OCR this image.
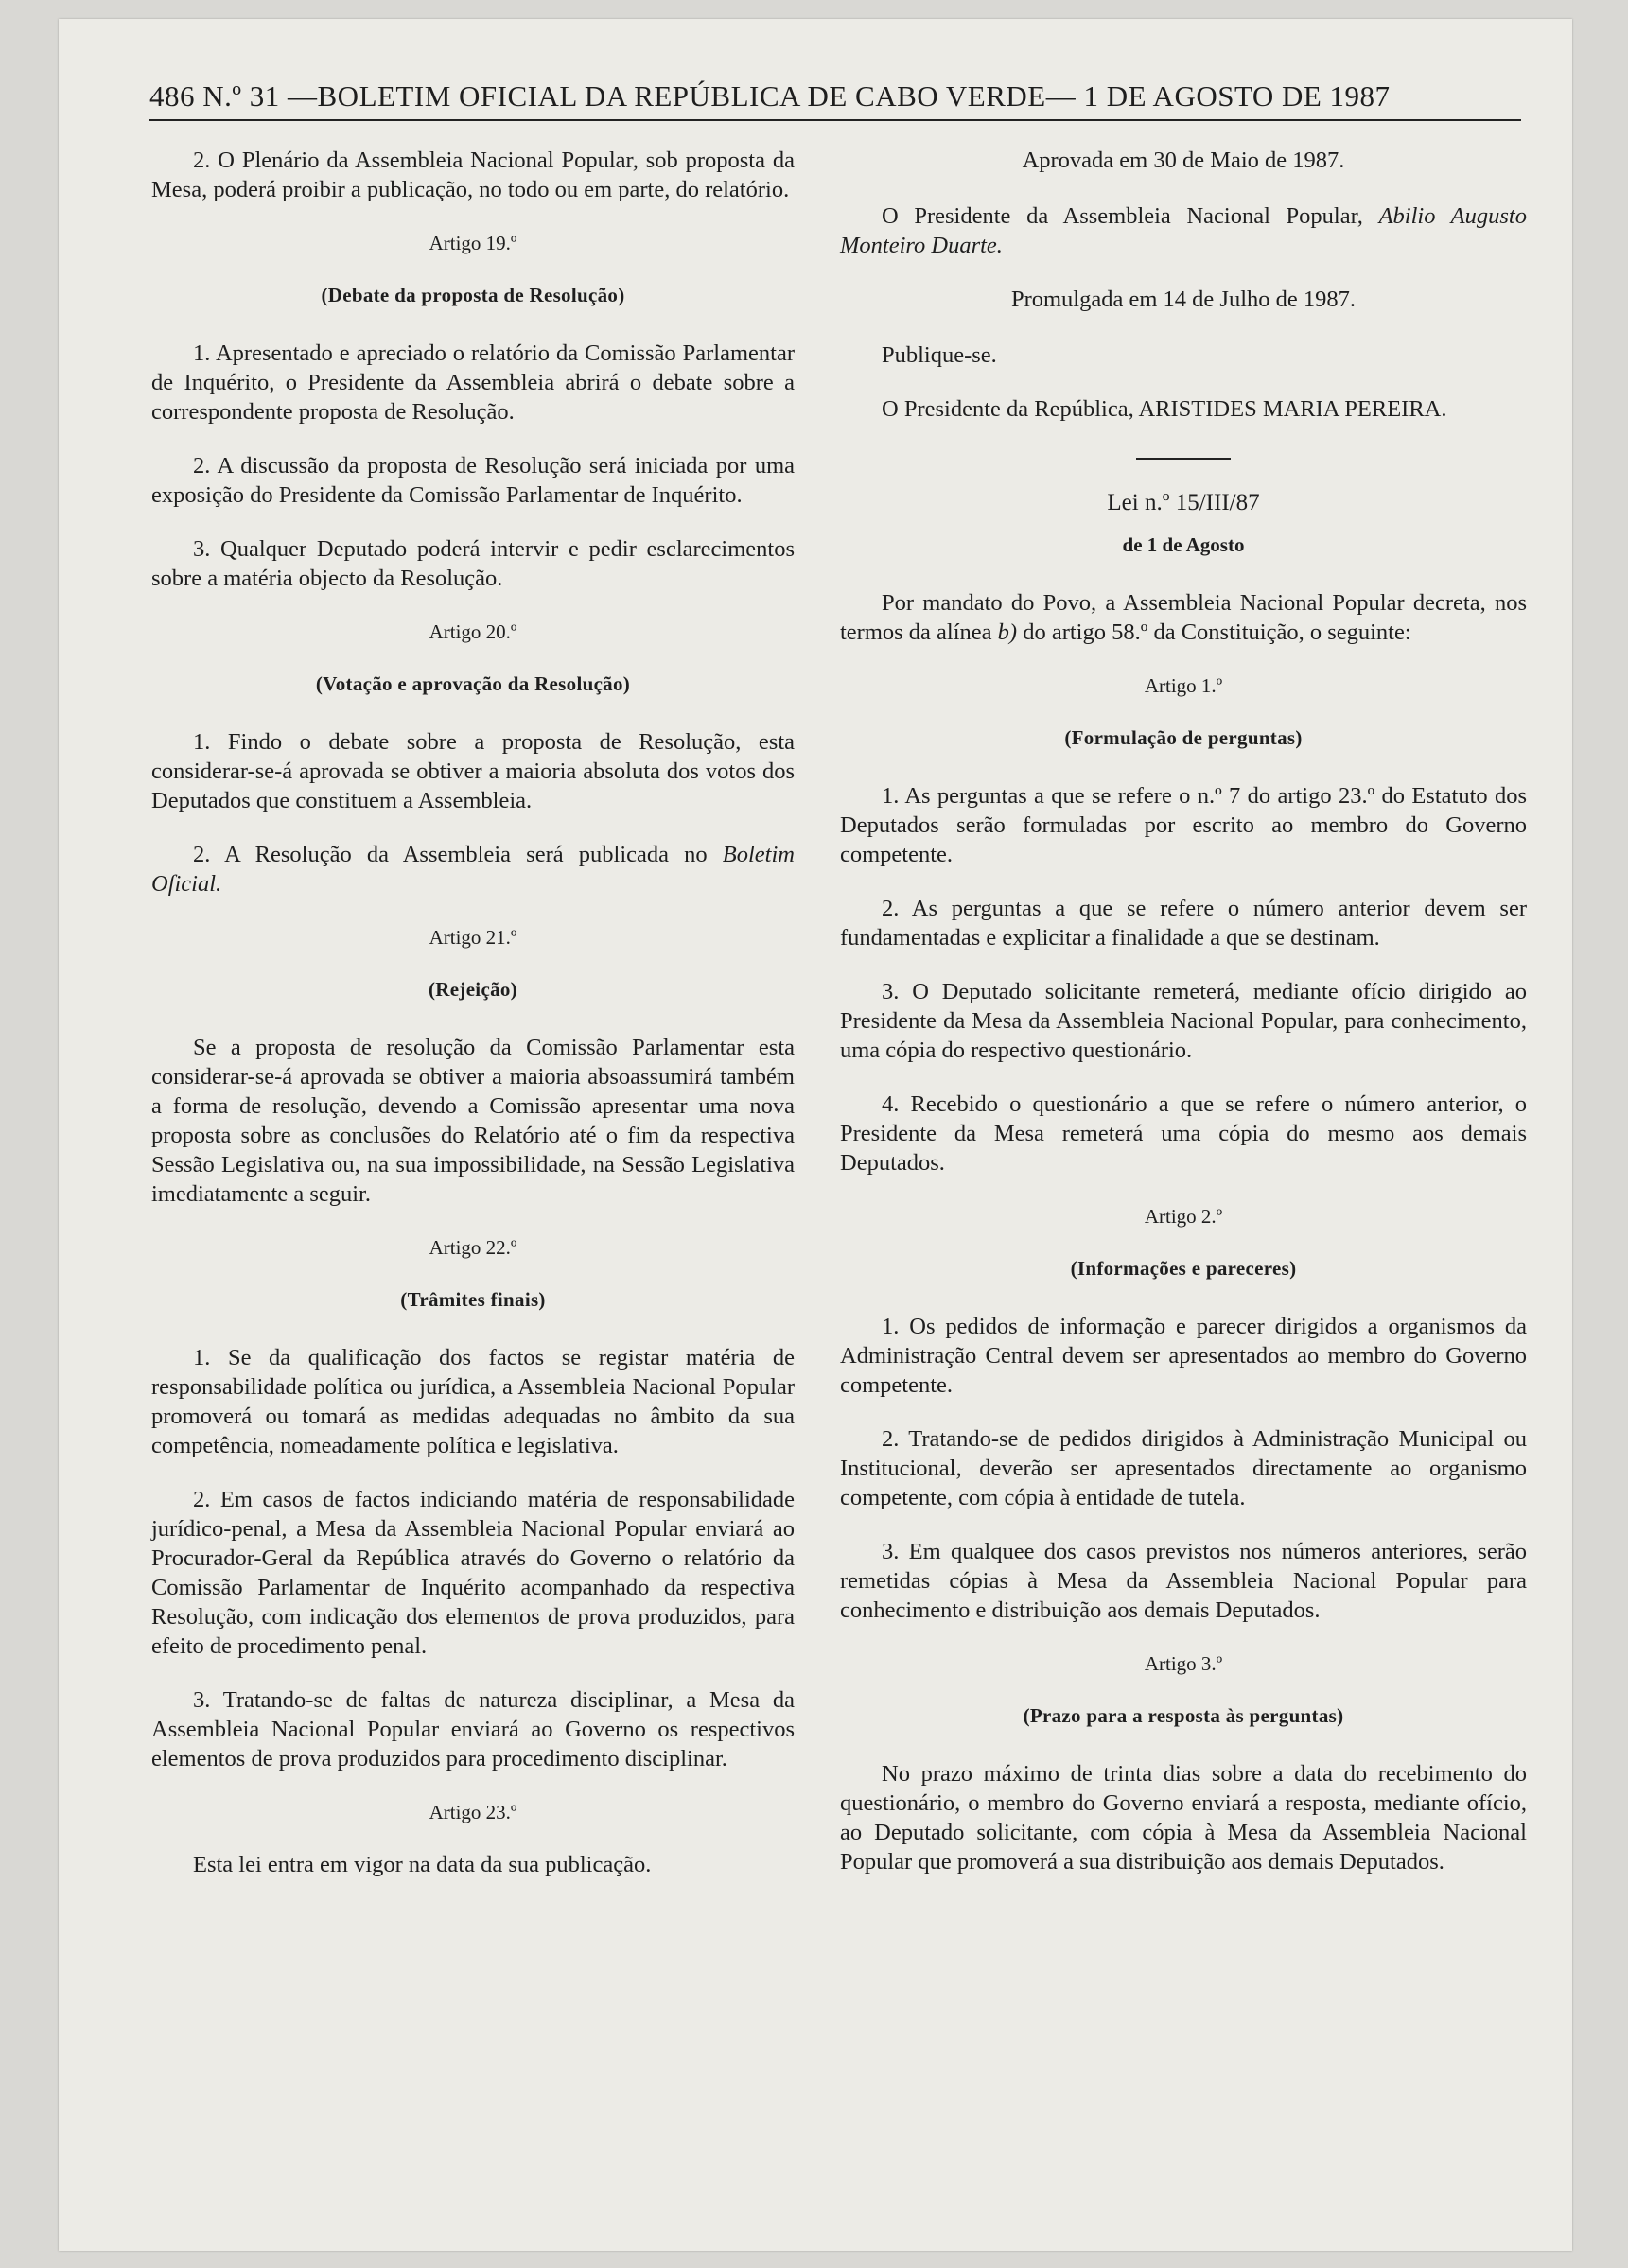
486 N.º 31 —BOLETIM OFICIAL DA REPÚBLICA DE CABO VERDE— 1 DE AGOSTO DE 1987

2. O Plenário da Assembleia Nacional Popular, sob proposta da Mesa, poderá proibir a publicação, no todo ou em parte, do relatório.

Artigo 19.º
(Debate da proposta de Resolução)

1. Apresentado e apreciado o relatório da Comissão Parlamentar de Inquérito, o Presidente da Assembleia abrirá o debate sobre a correspondente proposta de Resolução.

2. A discussão da proposta de Resolução será iniciada por uma exposição do Presidente da Comissão Parlamentar de Inquérito.

3. Qualquer Deputado poderá intervir e pedir esclarecimentos sobre a matéria objecto da Resolução.

Artigo 20.º
(Votação e aprovação da Resolução)

1. Findo o debate sobre a proposta de Resolução, esta considerar-se-á aprovada se obtiver a maioria absoluta dos votos dos Deputados que constituem a Assembleia.

2. A Resolução da Assembleia será publicada no Boletim Oficial.

Artigo 21.º
(Rejeição)

Se a proposta de resolução da Comissão Parlamentar esta considerar-se-á aprovada se obtiver a maioria absoassumirá também a forma de resolução, devendo a Comissão apresentar uma nova proposta sobre as conclusões do Relatório até o fim da respectiva Sessão Legislativa ou, na sua impossibilidade, na Sessão Legislativa imediatamente a seguir.

Artigo 22.º
(Trâmites finais)

1. Se da qualificação dos factos se registar matéria de responsabilidade política ou jurídica, a Assembleia Nacional Popular promoverá ou tomará as medidas adequadas no âmbito da sua competência, nomeadamente política e legislativa.

2. Em casos de factos indiciando matéria de responsabilidade jurídico-penal, a Mesa da Assembleia Nacional Popular enviará ao Procurador-Geral da República através do Governo o relatório da Comissão Parlamentar de Inquérito acompanhado da respectiva Resolução, com indicação dos elementos de prova produzidos, para efeito de procedimento penal.

3. Tratando-se de faltas de natureza disciplinar, a Mesa da Assembleia Nacional Popular enviará ao Governo os respectivos elementos de prova produzidos para procedimento disciplinar.

Artigo 23.º

Esta lei entra em vigor na data da sua publicação.

Aprovada em 30 de Maio de 1987.

O Presidente da Assembleia Nacional Popular, Abilio Augusto Monteiro Duarte.

Promulgada em 14 de Julho de 1987.

Publique-se.

O Presidente da República, ARISTIDES MARIA PEREIRA.

Lei n.º 15/III/87
de 1 de Agosto

Por mandato do Povo, a Assembleia Nacional Popular decreta, nos termos da alínea b) do artigo 58.º da Constituição, o seguinte:

Artigo 1.º
(Formulação de perguntas)

1. As perguntas a que se refere o n.º 7 do artigo 23.º do Estatuto dos Deputados serão formuladas por escrito ao membro do Governo competente.

2. As perguntas a que se refere o número anterior devem ser fundamentadas e explicitar a finalidade a que se destinam.

3. O Deputado solicitante remeterá, mediante ofício dirigido ao Presidente da Mesa da Assembleia Nacional Popular, para conhecimento, uma cópia do respectivo questionário.

4. Recebido o questionário a que se refere o número anterior, o Presidente da Mesa remeterá uma cópia do mesmo aos demais Deputados.

Artigo 2.º
(Informações e pareceres)

1. Os pedidos de informação e parecer dirigidos a organismos da Administração Central devem ser apresentados ao membro do Governo competente.

2. Tratando-se de pedidos dirigidos à Administração Municipal ou Institucional, deverão ser apresentados directamente ao organismo competente, com cópia à entidade de tutela.

3. Em qualquee dos casos previstos nos números anteriores, serão remetidas cópias à Mesa da Assembleia Nacional Popular para conhecimento e distribuição aos demais Deputados.

Artigo 3.º
(Prazo para a resposta às perguntas)

No prazo máximo de trinta dias sobre a data do recebimento do questionário, o membro do Governo enviará a resposta, mediante ofício, ao Deputado solicitante, com cópia à Mesa da Assembleia Nacional Popular que promoverá a sua distribuição aos demais Deputados.
